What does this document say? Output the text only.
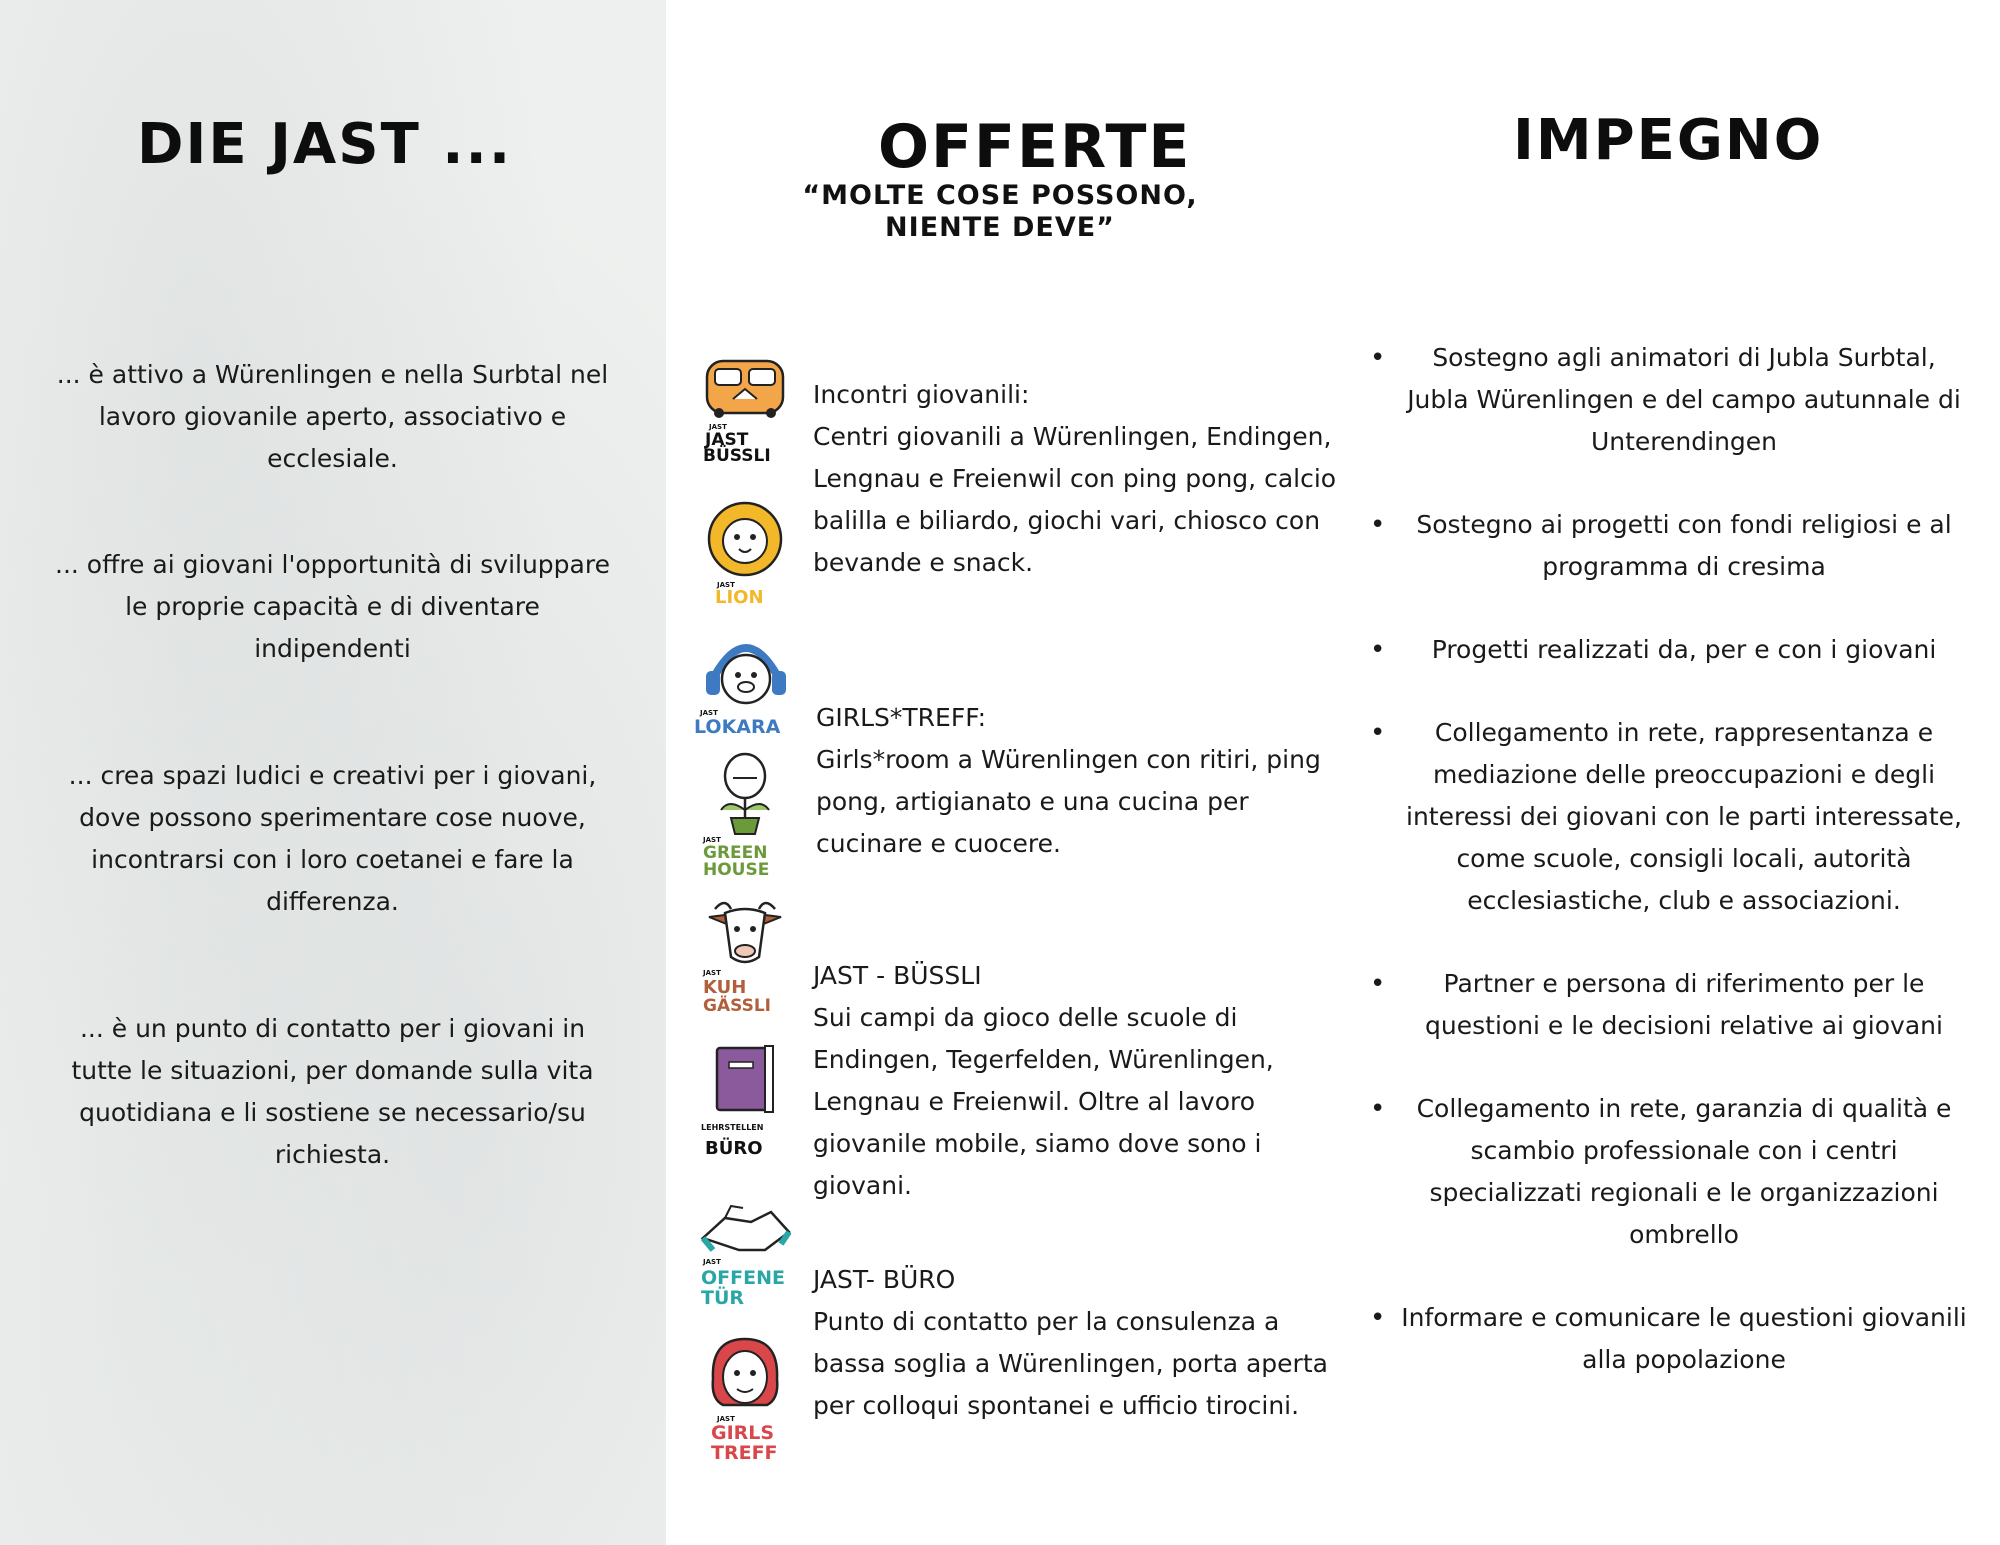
DIE JAST ...	OFFERTE
“MOLTE COSE POSSONO,
NIENTE DEVE”
IMPEGNO

... è attivo a Würenlingen e nella Surbtal nel lavoro giovanile aperto, associativo e ecclesiale.

... offre ai giovani l'opportunità di sviluppare le proprie capacità e di diventare indipendenti

... crea spazi ludici e creativi per i giovani, dove possono sperimentare cose nuove, incontrarsi con i loro coetanei e fare la differenza.

... è un punto di contatto per i giovani in tutte le situazioni, per domande sulla vita quotidiana e li sostiene se necessario/su richiesta.

JAST
JAST
BÜSSLI
JAST
LION
JAST
LOKARA
JAST
GREEN
HOUSE
JAST
KUH
GÄSSLI
LEHRSTELLEN
BÜRO
JAST
OFFENE
TÜR
JAST
GIRLS
TREFF
Incontri giovanili:
Centri giovanili a Würenlingen, Endingen, Lengnau e Freienwil con ping pong, calcio balilla e biliardo, giochi vari, chiosco con bevande e snack.
GIRLS*TREFF:
Girls*room a Würenlingen con ritiri, ping pong, artigianato e una cucina per cucinare e cuocere.
JAST - BÜSSLI
Sui campi da gioco delle scuole di Endingen, Tegerfelden, Würenlingen, Lengnau e Freienwil. Oltre al lavoro giovanile mobile, siamo dove sono i giovani.
JAST- BÜRO
Punto di contatto per la consulenza a bassa soglia a Würenlingen, porta aperta per colloqui spontanei e ufficio tirocini.
• Sostegno agli animatori di Jubla Surbtal, Jubla Würenlingen e del campo autunnale di Unterendingen
• Sostegno ai progetti con fondi religiosi e al programma di cresima
• Progetti realizzati da, per e con i giovani
• Collegamento in rete, rappresentanza e mediazione delle preoccupazioni e degli interessi dei giovani con le parti interessate, come scuole, consigli locali, autorità ecclesiastiche, club e associazioni.
• Partner e persona di riferimento per le questioni e le decisioni relative ai giovani
• Collegamento in rete, garanzia di qualità e scambio professionale con i centri specializzati regionali e le organizzazioni ombrello
• Informare e comunicare le questioni giovanili alla popolazione
